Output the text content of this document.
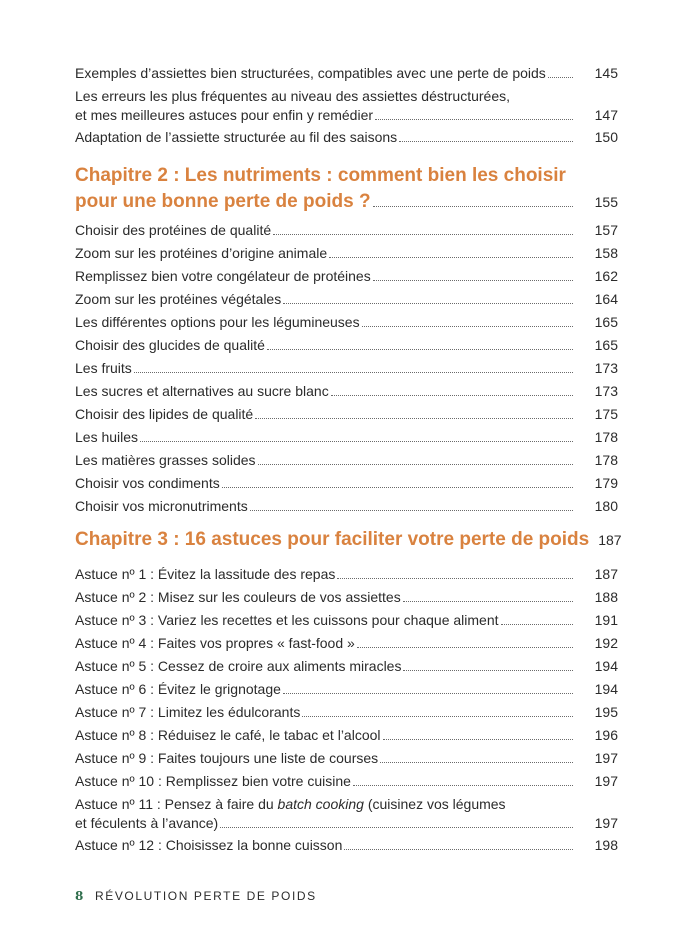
Exemples d’assiettes bien structurées, compatibles avec une perte de poids	145
Les erreurs les plus fréquentes au niveau des assiettes déstructurées,
et mes meilleures astuces pour enfin y remédier	147
Adaptation de l’assiette structurée au fil des saisons	150
Chapitre 2 : Les nutriments : comment bien les choisir
pour une bonne perte de poids ?	155
Choisir des protéines de qualité	157
Zoom sur les protéines d’origine animale	158
Remplissez bien votre congélateur de protéines	162
Zoom sur les protéines végétales	164
Les différentes options pour les légumineuses	165
Choisir des glucides de qualité	165
Les fruits	173
Les sucres et alternatives au sucre blanc	173
Choisir des lipides de qualité	175
Les huiles	178
Les matières grasses solides	178
Choisir vos condiments	179
Choisir vos micronutriments	180
Chapitre 3 : 16 astuces pour faciliter votre perte de poids 187
Astuce nº 1 : Évitez la lassitude des repas	187
Astuce nº 2 : Misez sur les couleurs de vos assiettes	188
Astuce nº 3 : Variez les recettes et les cuissons pour chaque aliment	191
Astuce nº 4 : Faites vos propres « fast-food »	192
Astuce nº 5 : Cessez de croire aux aliments miracles	194
Astuce nº 6 : Évitez le grignotage	194
Astuce nº 7 : Limitez les édulcorants	195
Astuce nº 8 : Réduisez le café, le tabac et l’alcool	196
Astuce nº 9 : Faites toujours une liste de courses	197
Astuce nº 10 : Remplissez bien votre cuisine	197
Astuce nº 11 : Pensez à faire du batch cooking (cuisinez vos légumes
et féculents à l’avance)	197
Astuce nº 12 : Choisissez la bonne cuisson	198
8 RÉVOLUTION PERTE DE POIDS
